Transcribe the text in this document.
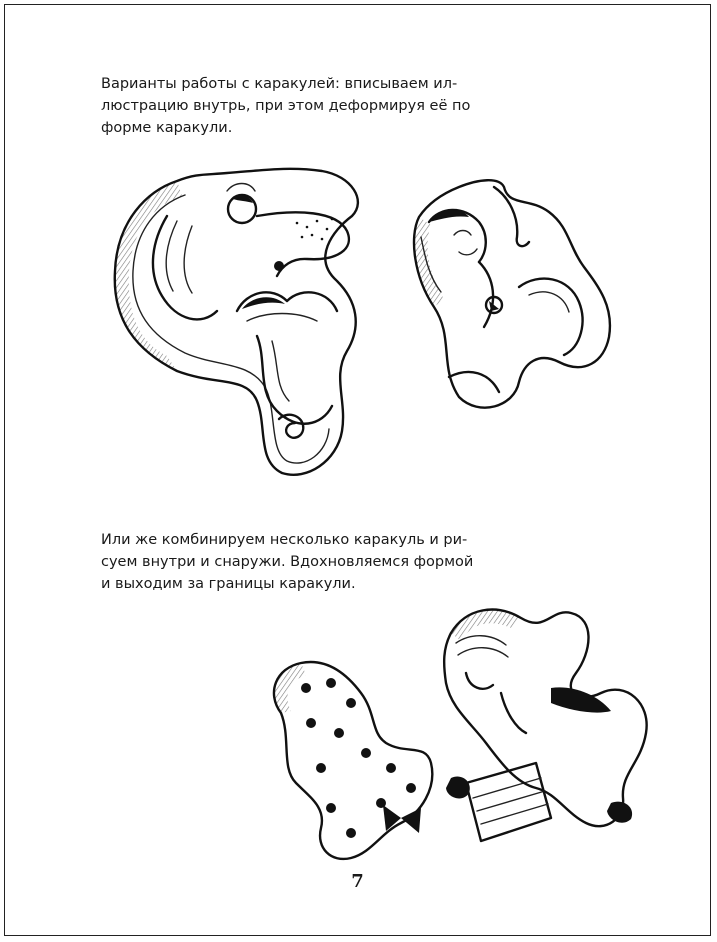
Варианты работы с каракулей: вписываем ил-
люстрацию внутрь, при этом деформируя её по
форме каракули.

Или же комбинируем несколько каракуль и ри-
суем внутри и снаружи. Вдохновляемся формой
и выходим за границы каракули.

7
